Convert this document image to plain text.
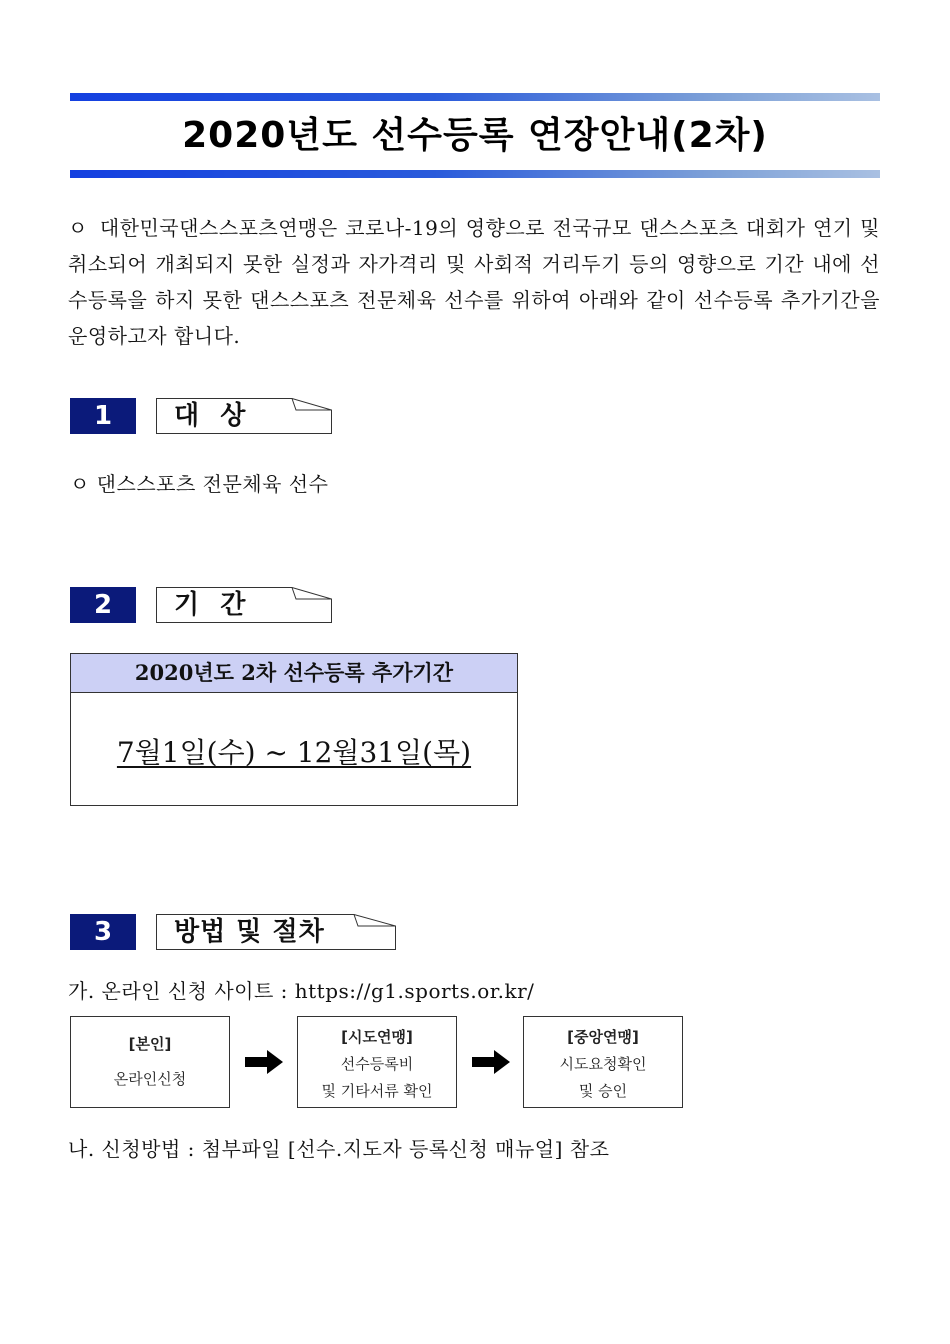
2020년도 선수등록 연장안내(2차)
ㅇ 대한민국댄스스포츠연맹은 코로나-19의 영향으로 전국규모 댄스스포츠 대회가 연기 및 취소되어 개최되지 못한 실정과 자가격리 및 사회적 거리두기 등의 영향으로 기간 내에 선수등록을 하지 못한 댄스스포츠 전문체육 선수를 위하여 아래와 같이 선수등록 추가기간을 운영하고자 합니다.
1	대  상
ㅇ 댄스스포츠 전문체육 선수
2	기  간
2020년도 2차 선수등록 추가기간
7월1일(수) ~ 12월31일(목)
3	방법 및 절차
가. 온라인 신청 사이트 : https://g1.sports.or.kr/
[본인]
온라인신청
[시도연맹]
선수등록비
및 기타서류 확인
[중앙연맹]
시도요청확인
및 승인
나. 신청방법 : 첨부파일 [선수.지도자 등록신청 매뉴얼] 참조
